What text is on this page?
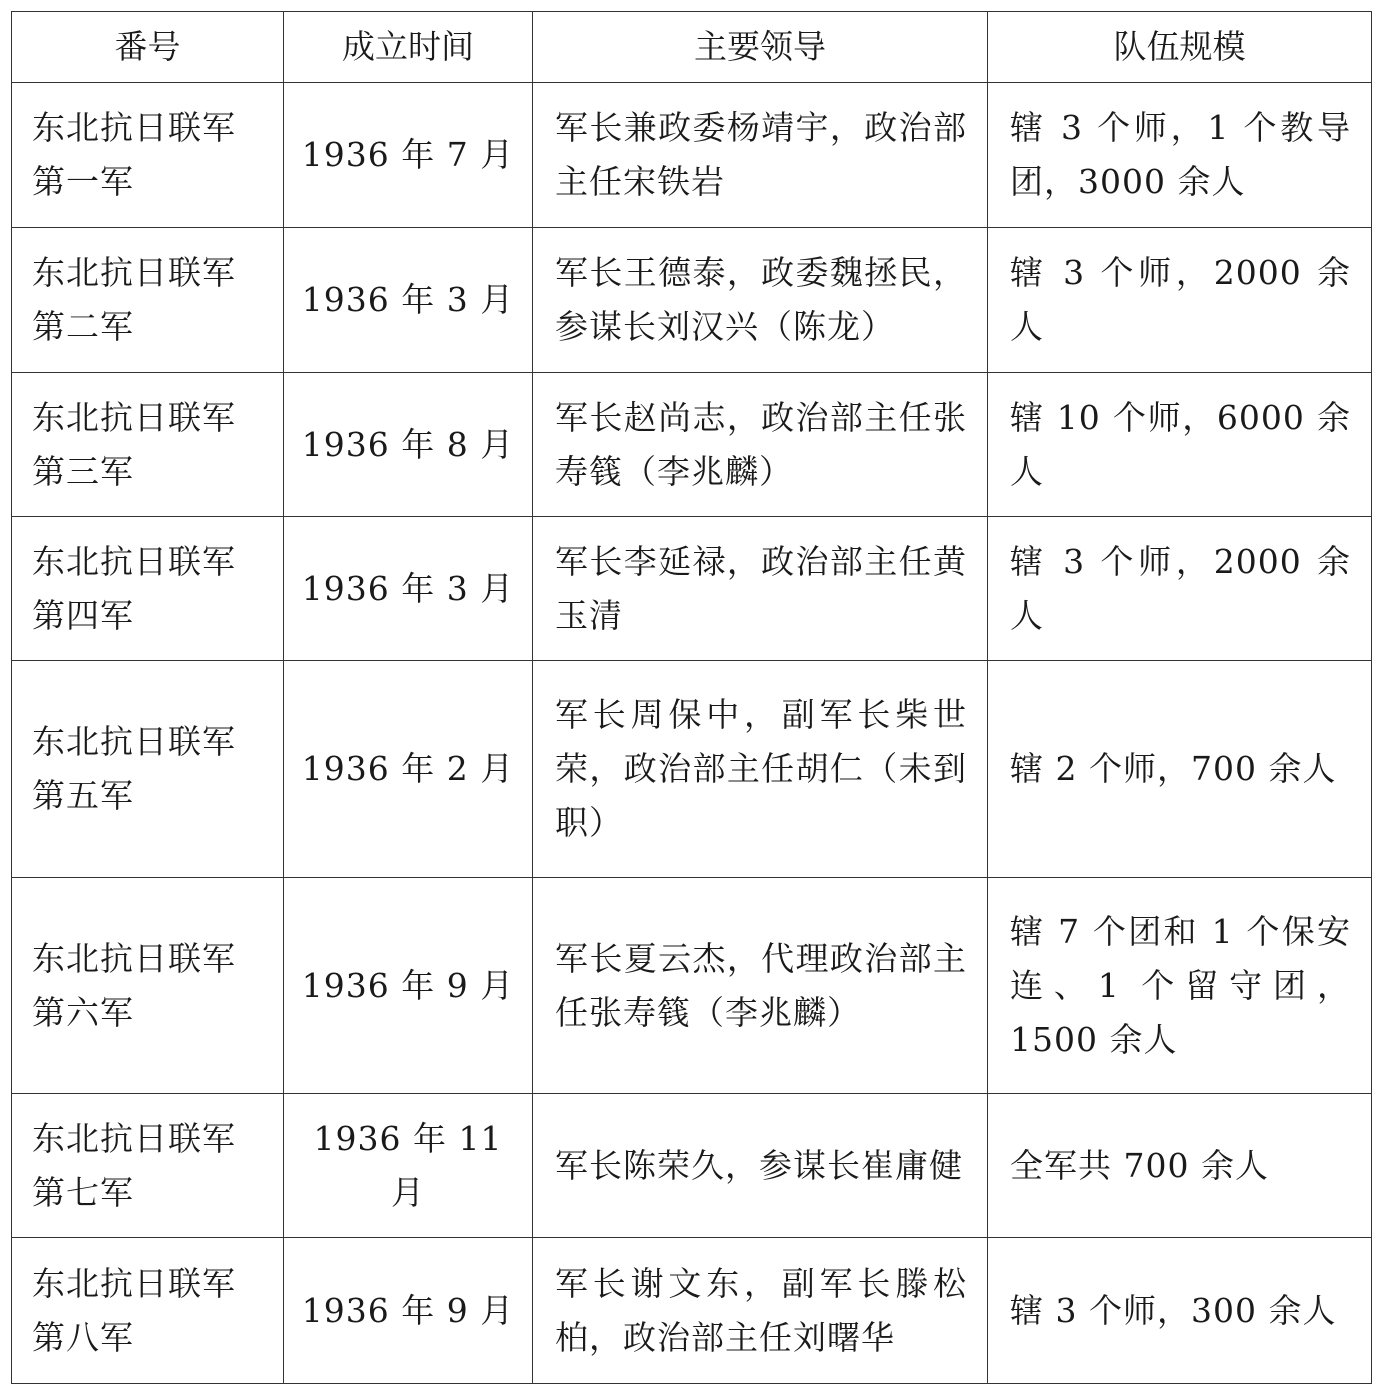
番号	成立时间	主要领导	队伍规模

东北抗日联军第一军	1936 年 7 月	军长兼政委杨靖宇，政治部主任宋铁岩	辖 3 个师，1 个教导团，3000 余人

东北抗日联军第二军	1936 年 3 月	军长王德泰，政委魏拯民，参谋长刘汉兴（陈龙）	辖 3 个师，2000 余人

东北抗日联军第三军	1936 年 8 月	军长赵尚志，政治部主任张寿篯（李兆麟）	辖 10 个师，6000 余人

东北抗日联军第四军	1936 年 3 月	军长李延禄，政治部主任黄玉清	辖 3 个师，2000 余人

东北抗日联军第五军	1936 年 2 月	军长周保中，副军长柴世荣，政治部主任胡仁（未到职）	辖 2 个师，700 余人

东北抗日联军第六军	1936 年 9 月	军长夏云杰，代理政治部主任张寿篯（李兆麟）	辖 7 个团和 1 个保安连、1 个留守团，1500 余人

东北抗日联军第七军	1936 年 11 月	军长陈荣久，参谋长崔庸健	全军共 700 余人

东北抗日联军第八军	1936 年 9 月	军长谢文东，副军长滕松柏，政治部主任刘曙华	辖 3 个师，300 余人
